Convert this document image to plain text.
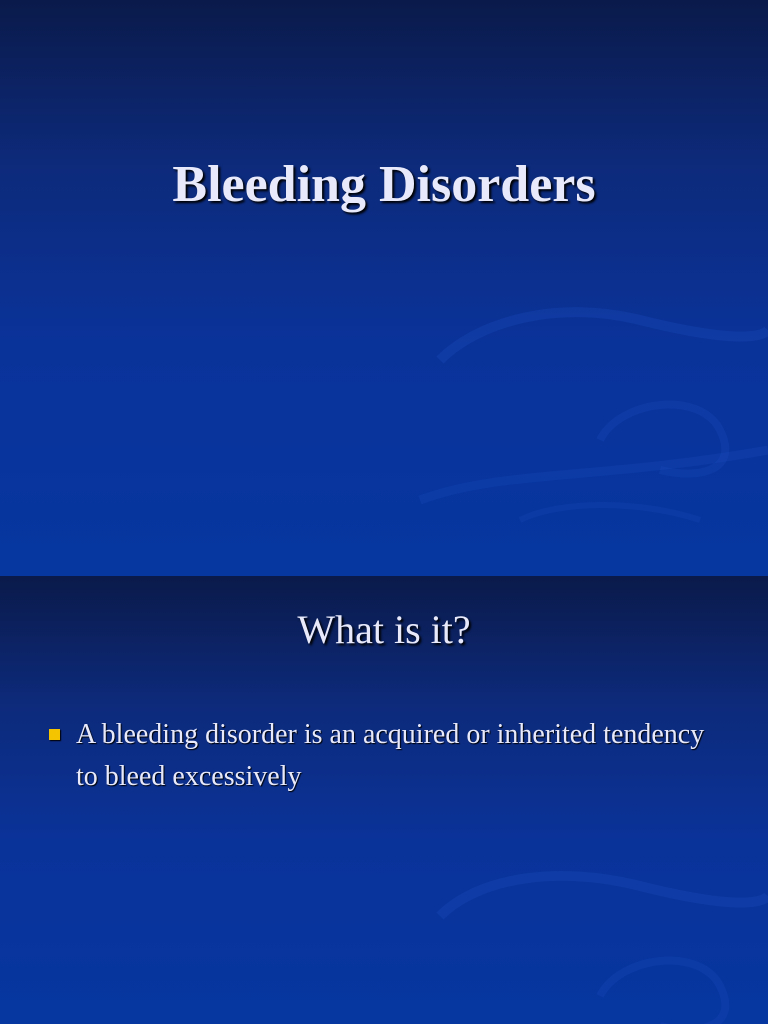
Bleeding Disorders
What is it?
A bleeding disorder is an acquired or inherited tendency to bleed excessively
